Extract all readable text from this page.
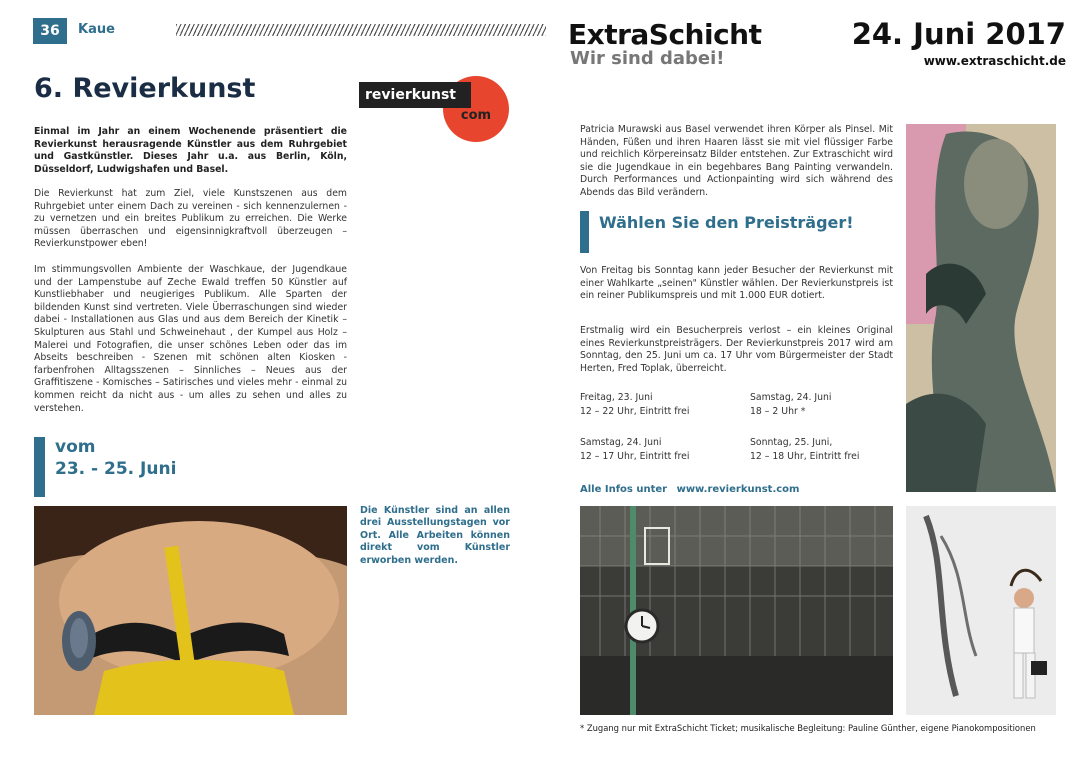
36	Kaue	ExtraSchicht
Wir sind dabei!
24. Juni 2017
www.extraschicht.de
6. Revierkunst	revierkunst
com
Einmal im Jahr an einem Wochenende präsentiert die Revierkunst herausragende Künstler aus dem Ruhrgebiet und Gastkünstler. Dieses Jahr u.a. aus Berlin, Köln, Düsseldorf, Ludwigshafen und Basel.
Die Revierkunst hat zum Ziel, viele Kunstszenen aus dem Ruhrgebiet unter einem Dach zu vereinen - sich kennenzulernen - zu vernetzen und ein breites Publikum zu erreichen. Die Werke müssen überraschen und eigensinnigkraftvoll überzeugen – Revierkunstpower eben!
Im stimmungsvollen Ambiente der Waschkaue, der Jugendkaue und der Lampenstube auf Zeche Ewald treffen 50 Künstler auf Kunstliebhaber und neugieriges Publikum. Alle Sparten der bildenden Kunst sind vertreten. Viele Überraschungen sind wieder dabei - Installationen aus Glas und aus dem Bereich der Kinetik – Skulpturen aus Stahl und Schweinehaut , der Kumpel aus Holz – Malerei und Fotografien, die unser schönes Leben oder das im Abseits beschreiben - Szenen mit schönen alten Kiosken - farbenfrohen Alltagsszenen – Sinnliches – Neues aus der Graffitiszene - Komisches – Satirisches und vieles mehr - einmal zu kommen reicht da nicht aus - um alles zu sehen und alles zu verstehen.
vom
23. - 25. Juni
Die Künstler sind an allen drei Ausstellungstagen vor Ort. Alle Arbeiten können direkt vom Künstler erworben werden.
Patricia Murawski aus Basel verwendet ihren Körper als Pinsel. Mit Händen, Füßen und ihren Haaren lässt sie mit viel flüssiger Farbe und reichlich Körpereinsatz Bilder entstehen. Zur Extraschicht wird sie die Jugendkaue in ein begehbares Bang Painting verwandeln. Durch Performances und Actionpainting wird sich während des Abends das Bild verändern.
Wählen Sie den Preisträger!
Von Freitag bis Sonntag kann jeder Besucher der Revierkunst mit einer Wahlkarte „seinen" Künstler wählen. Der Revierkunstpreis ist ein reiner Publikumspreis und mit 1.000 EUR dotiert.
Erstmalig wird ein Besucherpreis verlost – ein kleines Original eines Revierkunstpreisträgers. Der Revierkunstpreis 2017 wird am Sonntag, den 25. Juni um ca. 17 Uhr vom Bürgermeister der Stadt Herten, Fred Toplak, überreicht.
Freitag, 23. Juni
12 – 22 Uhr, Eintritt frei
Samstag, 24. Juni
18 – 2 Uhr *
Samstag, 24. Juni
12 – 17 Uhr, Eintritt frei
Sonntag, 25. Juni,
12 – 18 Uhr, Eintritt frei
Alle Infos unter www.revierkunst.com
* Zugang nur mit ExtraSchicht Ticket; musikalische Begleitung: Pauline Günther, eigene Pianokompositionen
